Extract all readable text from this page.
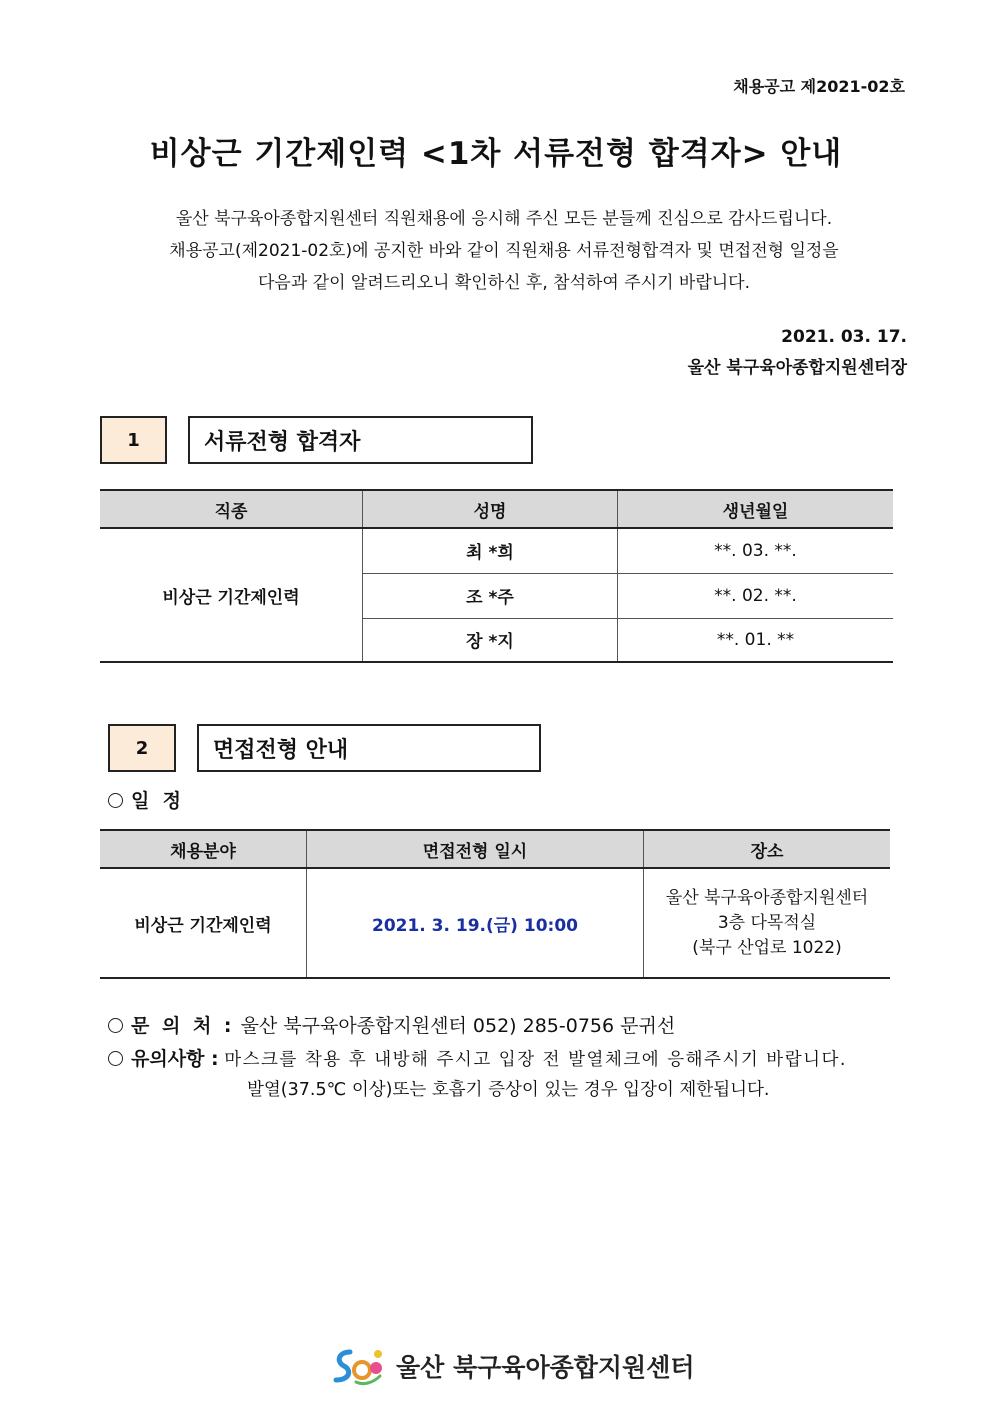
채용공고 제2021-02호
비상근 기간제인력 <1차 서류전형 합격자> 안내
울산 북구육아종합지원센터 직원채용에 응시해 주신 모든 분들께 진심으로 감사드립니다.
채용공고(제2021-02호)에 공지한 바와 같이 직원채용 서류전형합격자 및 면접전형 일정을
다음과 같이 알려드리오니 확인하신 후, 참석하여 주시기 바랍니다.
2021. 03. 17.
울산 북구육아종합지원센터장
1	서류전형 합격자
직종	성명	생년월일
비상근 기간제인력	최 *희	**. 03. **.
	조 *주	**. 02. **.
	장 *지	**. 01. **
2	면접전형 안내
일  정
채용분야	면접전형 일시	장소
비상근 기간제인력	2021. 3. 19.(금) 10:00	울산 북구육아종합지원센터
3층 다목적실
(북구 산업로 1022)
문 의 처 : 울산 북구육아종합지원센터 052) 285-0756 문귀선
유의사항 : 마스크를 착용 후 내방해 주시고 입장 전 발열체크에 응해주시기 바랍니다.
발열(37.5℃ 이상)또는 호흡기 증상이 있는 경우 입장이 제한됩니다.
울산 북구육아종합지원센터
